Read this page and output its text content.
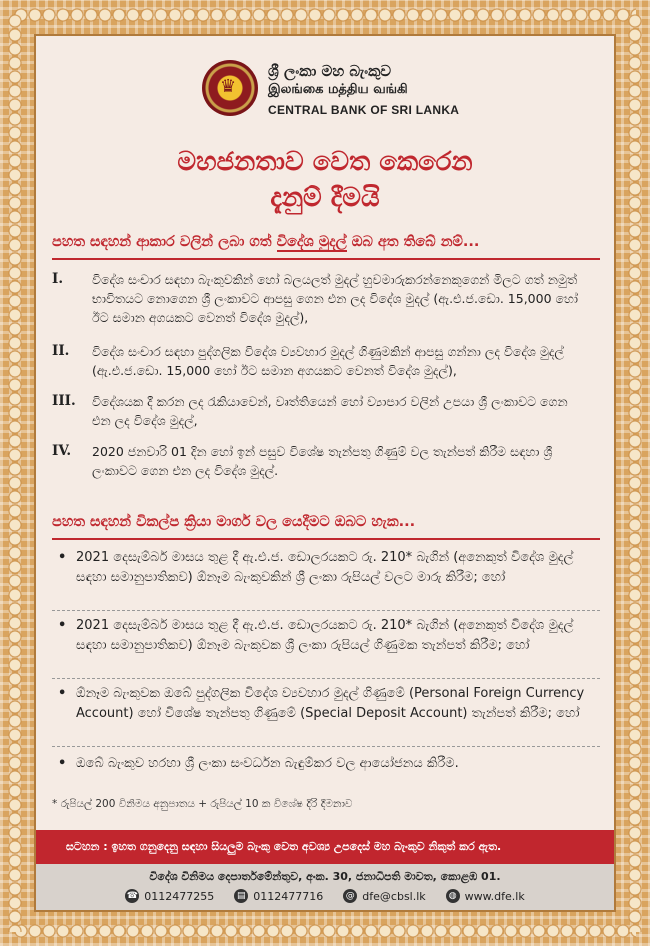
♛
ශ්‍රී ලංකා මහ බැංකුව
இலங்கை மத்திய வங்கி
CENTRAL BANK OF SRI LANKA
මහජනතාව වෙත කෙරෙන
දැනුම් දීමයි
පහත සඳහන් ආකාර වලින් ලබා ගත් විදේශ මුදල් ඔබ අත තිබේ නම්...
I.	විදේශ සංචාර සඳහා බැංකුවකින් හෝ බලයලත් මුදල් හුවමාරුකරන්නෙකුගෙන් මිලට ගත් නමුත් භාවිතයට නොගෙන ශ්‍රී ලංකාවට ආපසු ගෙන එන ලද විදේශ මුදල් (ඇ.එ.ජ.ඩො. 15,000 හෝ ඊට සමාන අගයකට වෙනත් විදේශ මුදල්),
II.	විදේශ සංචාර සඳහා පුද්ගලික විදේශ ව්‍යවහාර මුදල් ගිණුමකින් ආපසු ගන්නා ලද විදේශ මුදල් (ඇ.එ.ජ.ඩො. 15,000 හෝ ඊට සමාන අගයකට වෙනත් විදේශ මුදල්),
III.	විදේශයක දී කරන ලද රැකියාවෙන්, වෘත්තියෙන් හෝ ව්‍යාපාර වලින් උපයා ශ්‍රී ලංකාවට ගෙන එන ලද විදේශ මුදල්,
IV.	2020 ජනවාරි 01 දින හෝ ඉන් පසුව විශේෂ තැන්පතු ගිණුම් වල තැන්පත් කිරීම සඳහා ශ්‍රී ලංකාවට ගෙන එන ලද විදේශ මුදල්.
පහත සඳහන් විකල්ප ක්‍රියා මාර්ග වල යෙදීමට ඔබට හැක...
• 2021 දෙසැම්බර් මාසය තුළ දී ඇ.එ.ජ. ඩොලරයකට රු. 210* බැගින් (අනෙකුත් විදේශ මුදල් සඳහා සමානුපාතිකව) ඕනෑම බැංකුවකින් ශ්‍රී ලංකා රුපියල් වලට මාරු කිරීම; හෝ
• 2021 දෙසැම්බර් මාසය තුළ දී ඇ.එ.ජ. ඩොලරයකට රු. 210* බැගින් (අනෙකුත් විදේශ මුදල් සඳහා සමානුපාතිකව) ඕනෑම බැංකුවක ශ්‍රී ලංකා රුපියල් ගිණුමක තැන්පත් කිරීම; හෝ
• ඕනෑම බැංකුවක ඔබේ පුද්ගලික විදේශ ව්‍යවහාර මුදල් ගිණුමේ (Personal Foreign Currency Account) හෝ විශේෂ තැන්පතු ගිණුමේ (Special Deposit Account) තැන්පත් කිරීම; හෝ
• ඔබේ බැංකුව හරහා ශ්‍රී ලංකා සංවර්ධන බැඳුම්කර වල ආයෝජනය කිරීම.
* රුපියල් 200 විනිමය අනුපාතය + රුපියල් 10 ක විශේෂ දිරි දීමනාව
සටහන : ඉහත ගනුදෙනු සඳහා සියලුම බැංකු වෙත අවශ්‍ය උපදෙස් මහ බැංකුව නිකුත් කර ඇත.
විදේශ විනිමය දෙපාර්තමේන්තුව, අංක. 30, ජනාධිපති මාවත, කොළඹ 01.
☎ 0112477255	▤ 0112477716	@ dfe@cbsl.lk	◍ www.dfe.lk
